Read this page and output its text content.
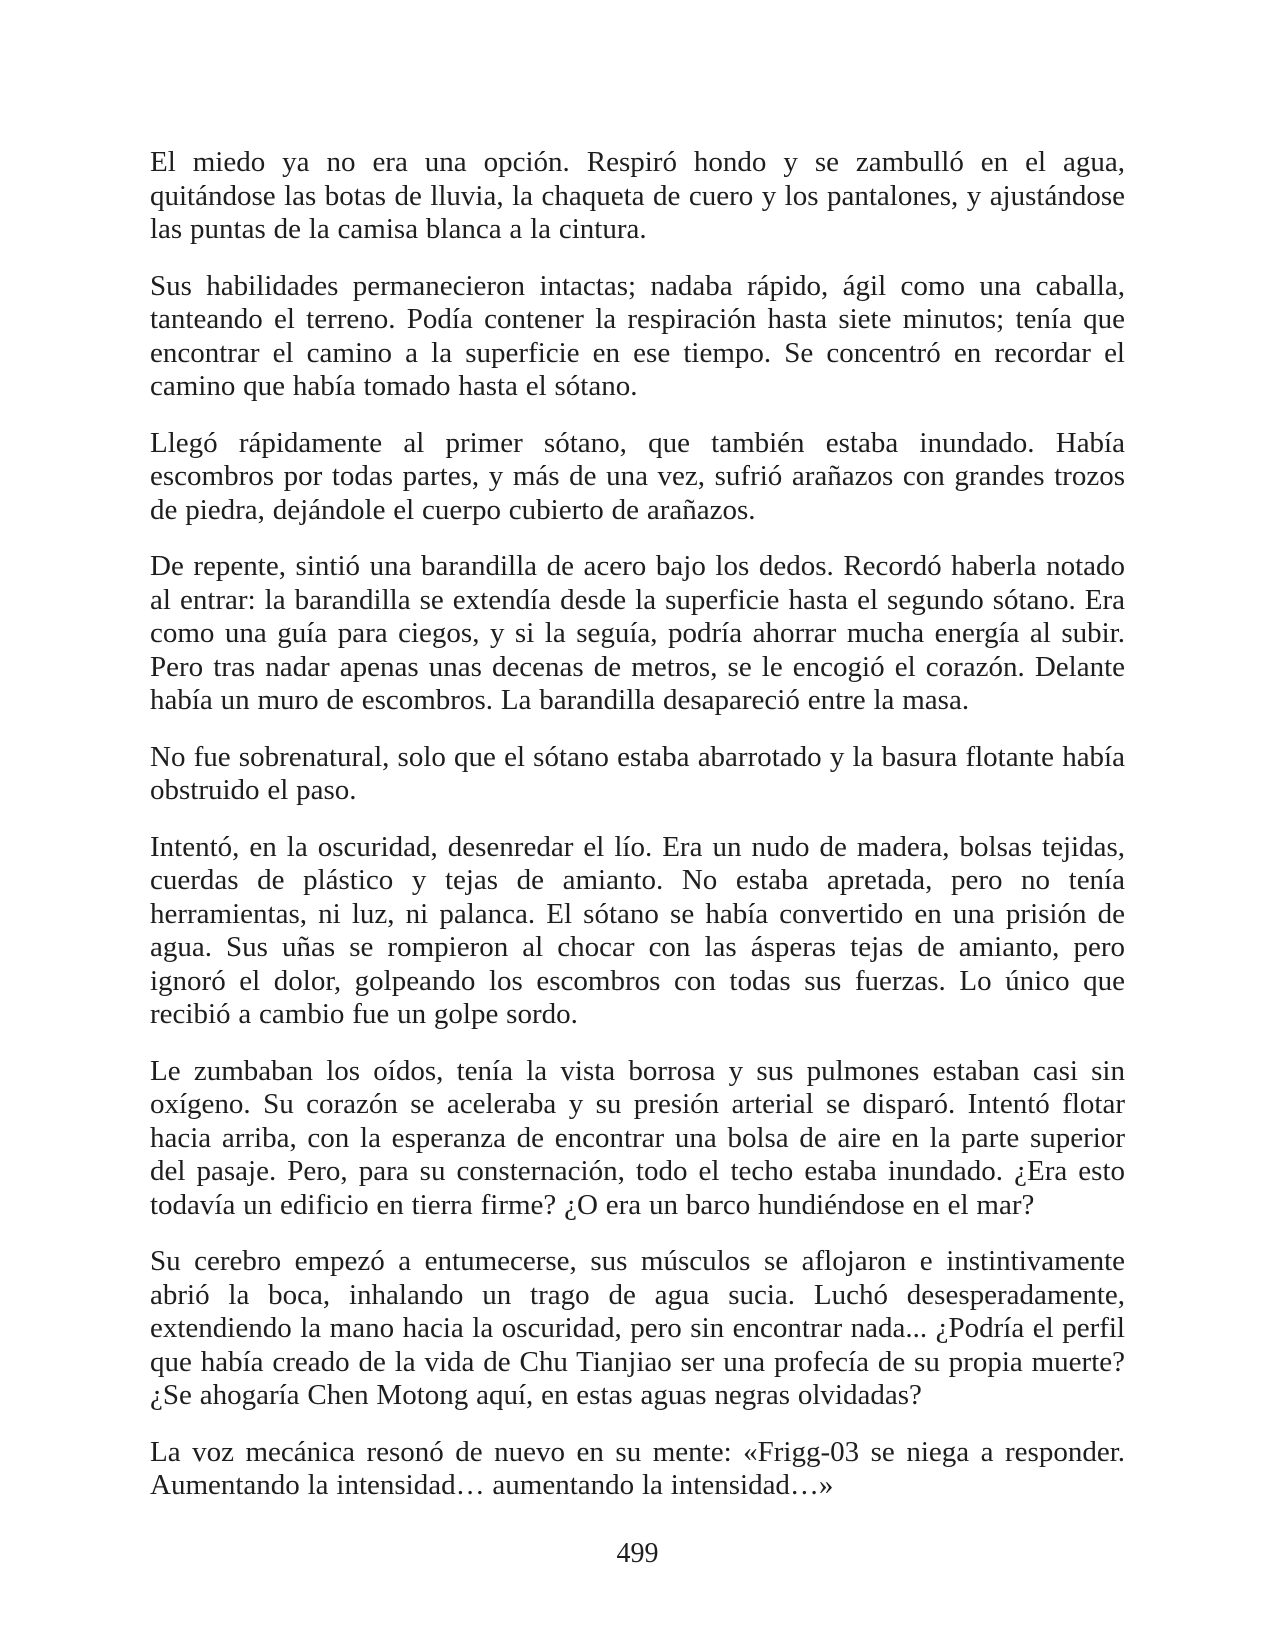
El miedo ya no era una opción. Respiró hondo y se zambulló en el agua, quitándose las botas de lluvia, la chaqueta de cuero y los pantalones, y ajustándose las puntas de la camisa blanca a la cintura.

Sus habilidades permanecieron intactas; nadaba rápido, ágil como una caballa, tanteando el terreno. Podía contener la respiración hasta siete minutos; tenía que encontrar el camino a la superficie en ese tiempo. Se concentró en recordar el camino que había tomado hasta el sótano.

Llegó rápidamente al primer sótano, que también estaba inundado. Había escombros por todas partes, y más de una vez, sufrió arañazos con grandes trozos de piedra, dejándole el cuerpo cubierto de arañazos.

De repente, sintió una barandilla de acero bajo los dedos. Recordó haberla notado al entrar: la barandilla se extendía desde la superficie hasta el segundo sótano. Era como una guía para ciegos, y si la seguía, podría ahorrar mucha energía al subir. Pero tras nadar apenas unas decenas de metros, se le encogió el corazón. Delante había un muro de escombros. La barandilla desapareció entre la masa.

No fue sobrenatural, solo que el sótano estaba abarrotado y la basura flotante había obstruido el paso.

Intentó, en la oscuridad, desenredar el lío. Era un nudo de madera, bolsas tejidas, cuerdas de plástico y tejas de amianto. No estaba apretada, pero no tenía herramientas, ni luz, ni palanca. El sótano se había convertido en una prisión de agua. Sus uñas se rompieron al chocar con las ásperas tejas de amianto, pero ignoró el dolor, golpeando los escombros con todas sus fuerzas. Lo único que recibió a cambio fue un golpe sordo.

Le zumbaban los oídos, tenía la vista borrosa y sus pulmones estaban casi sin oxígeno. Su corazón se aceleraba y su presión arterial se disparó. Intentó flotar hacia arriba, con la esperanza de encontrar una bolsa de aire en la parte superior del pasaje. Pero, para su consternación, todo el techo estaba inundado. ¿Era esto todavía un edificio en tierra firme? ¿O era un barco hundiéndose en el mar?

Su cerebro empezó a entumecerse, sus músculos se aflojaron e instintivamente abrió la boca, inhalando un trago de agua sucia. Luchó desesperadamente, extendiendo la mano hacia la oscuridad, pero sin encontrar nada... ¿Podría el perfil que había creado de la vida de Chu Tianjiao ser una profecía de su propia muerte? ¿Se ahogaría Chen Motong aquí, en estas aguas negras olvidadas?

La voz mecánica resonó de nuevo en su mente: «Frigg-03 se niega a responder. Aumentando la intensidad… aumentando la intensidad…»

499
